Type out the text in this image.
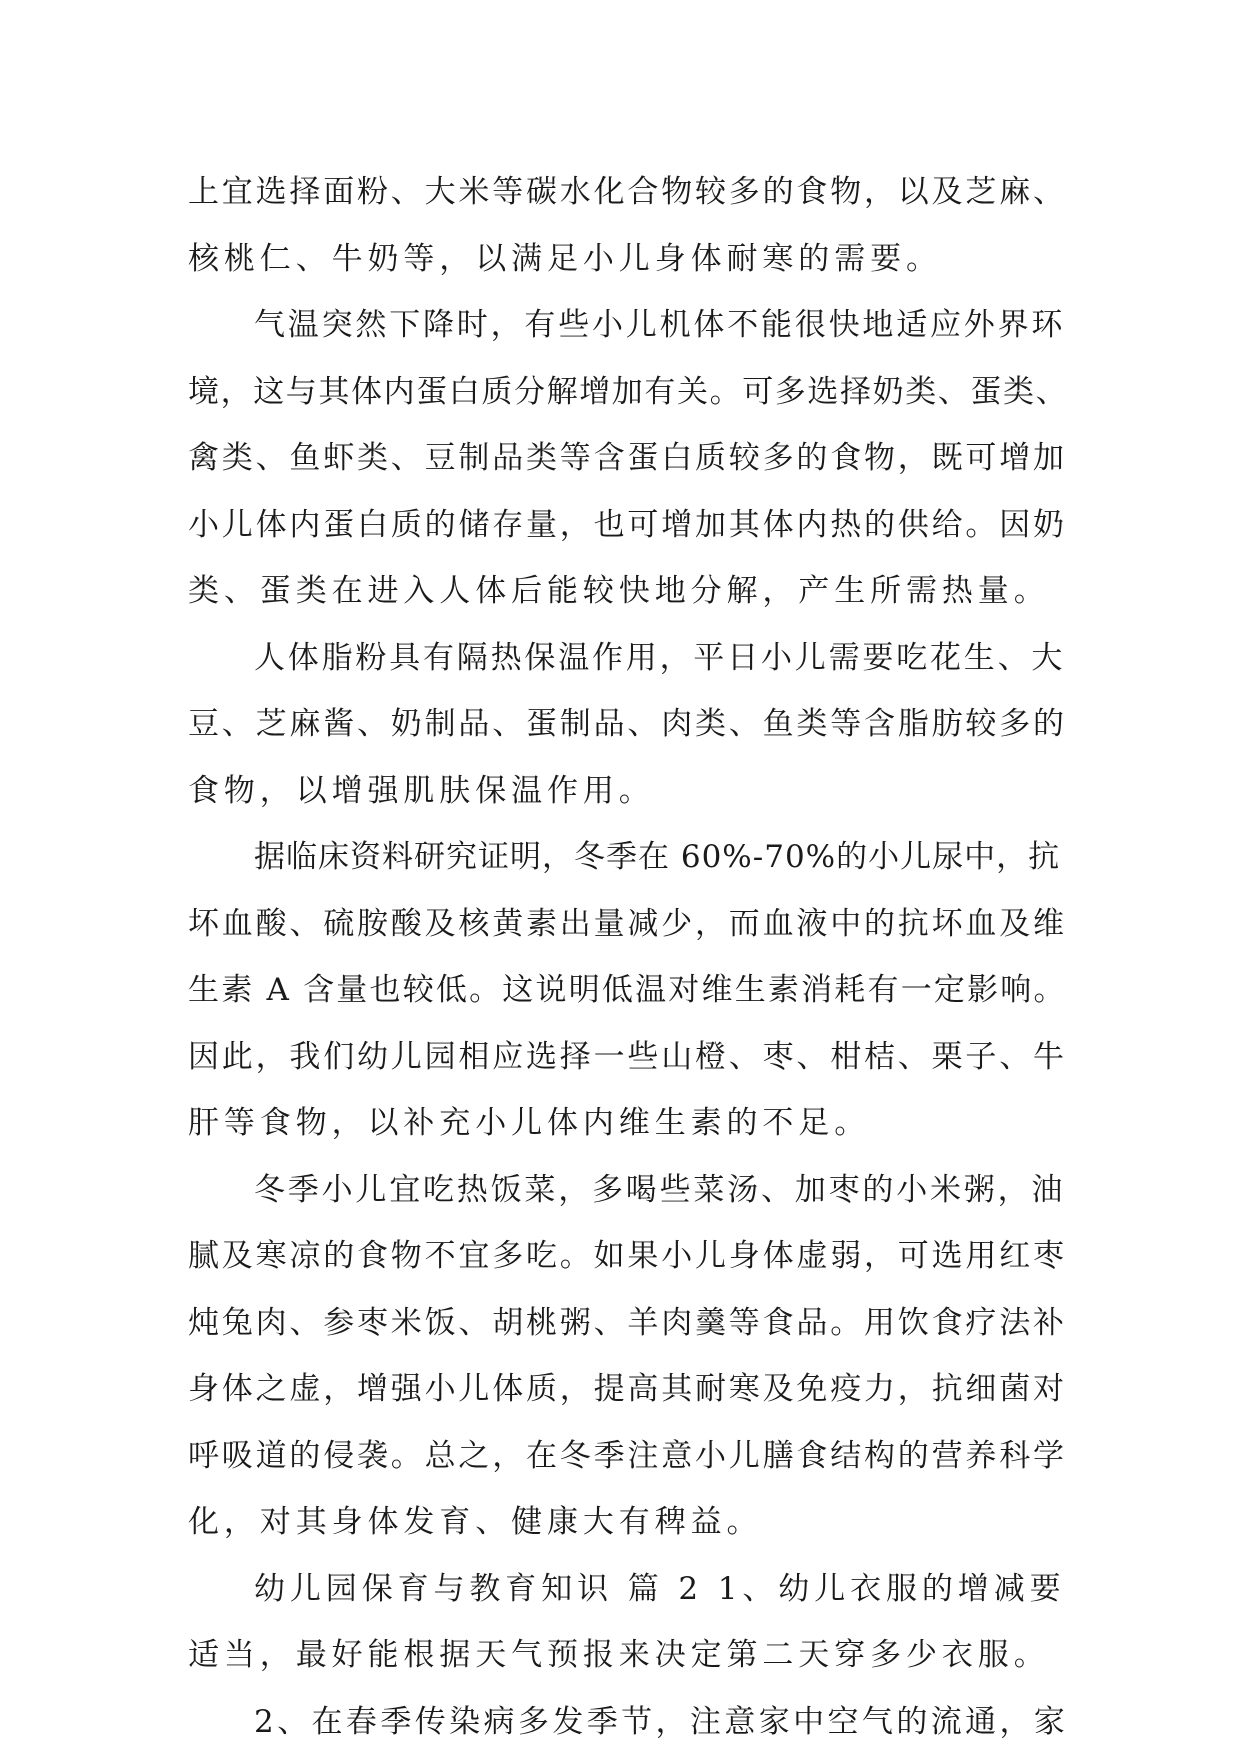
上宜选择面粉、大米等碳水化合物较多的食物，以及芝麻、
核桃仁、牛奶等，以满足小儿身体耐寒的需要。
气温突然下降时，有些小儿机体不能很快地适应外界环
境，这与其体内蛋白质分解增加有关。可多选择奶类、蛋类、
禽类、鱼虾类、豆制品类等含蛋白质较多的食物，既可增加
小儿体内蛋白质的储存量，也可增加其体内热的供给。因奶
类、蛋类在进入人体后能较快地分解，产生所需热量。
人体脂粉具有隔热保温作用，平日小儿需要吃花生、大
豆、芝麻酱、奶制品、蛋制品、肉类、鱼类等含脂肪较多的
食物，以增强肌肤保温作用。
据临床资料研究证明，冬季在 60%-70%的小儿尿中，抗
坏血酸、硫胺酸及核黄素出量减少，而血液中的抗坏血及维
生素 A 含量也较低。这说明低温对维生素消耗有一定影响。
因此，我们幼儿园相应选择一些山橙、枣、柑桔、栗子、牛
肝等食物，以补充小儿体内维生素的不足。
冬季小儿宜吃热饭菜，多喝些菜汤、加枣的小米粥，油
腻及寒凉的食物不宜多吃。如果小儿身体虚弱，可选用红枣
炖兔肉、参枣米饭、胡桃粥、羊肉羹等食品。用饮食疗法补
身体之虚，增强小儿体质，提高其耐寒及免疫力，抗细菌对
呼吸道的侵袭。总之，在冬季注意小儿膳食结构的营养科学
化，对其身体发育、健康大有稗益。
幼儿园保育与教育知识 篇 2 1、幼儿衣服的增减要
适当，最好能根据天气预报来决定第二天穿多少衣服。
2、在春季传染病多发季节，注意家中空气的流通，家
